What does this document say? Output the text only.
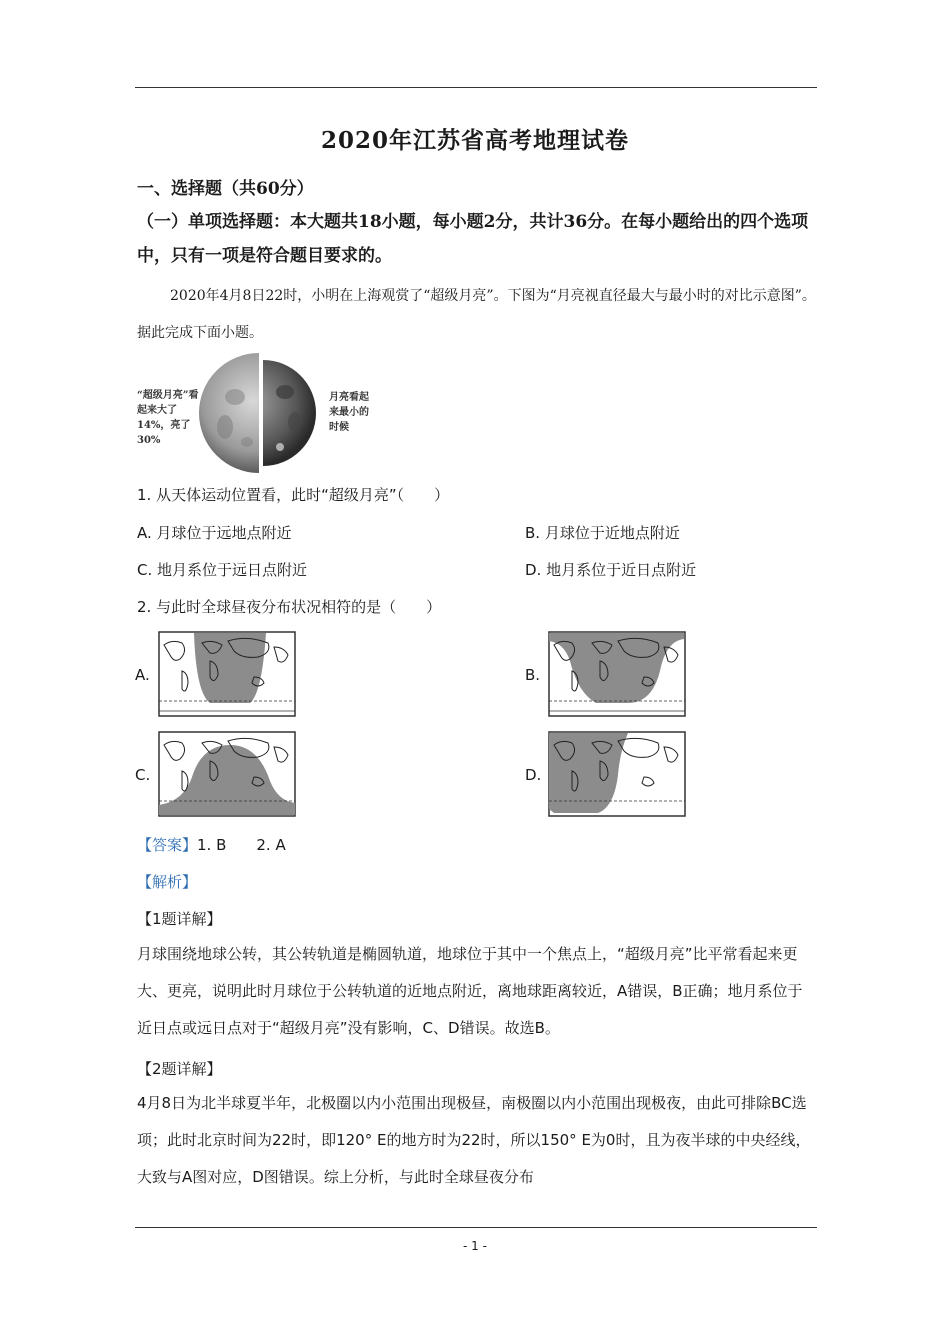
2020年江苏省高考地理试卷
一、选择题（共60分）
（一）单项选择题：本大题共18小题，每小题2分，共计36分。在每小题给出的四个选项中，只有一项是符合题目要求的。
2020年4月8日22时，小明在上海观赏了“超级月亮”。下图为“月亮视直径最大与最小时的对比示意图”。据此完成下面小题。
“超级月亮”看起来大了14%，亮了30%
月亮看起来最小的时候
1. 从天体运动位置看，此时“超级月亮”（　　）
A. 月球位于远地点附近	B. 月球位于近地点附近
C. 地月系位于远日点附近	D. 地月系位于近日点附近
2. 与此时全球昼夜分布状况相符的是（　　）
A.	B.
C.	D.
【答案】1. B　　2. A
【解析】
【1题详解】
月球围绕地球公转，其公转轨道是椭圆轨道，地球位于其中一个焦点上，“超级月亮”比平常看起来更大、更亮，说明此时月球位于公转轨道的近地点附近，离地球距离较近，A错误，B正确；地月系位于近日点或远日点对于“超级月亮”没有影响，C、D错误。故选B。
【2题详解】
4月8日为北半球夏半年，北极圈以内小范围出现极昼，南极圈以内小范围出现极夜，由此可排除BC选项；此时北京时间为22时，即120° E的地方时为22时，所以150° E为0时，且为夜半球的中央经线，大致与A图对应，D图错误。综上分析，与此时全球昼夜分布
- 1 -
